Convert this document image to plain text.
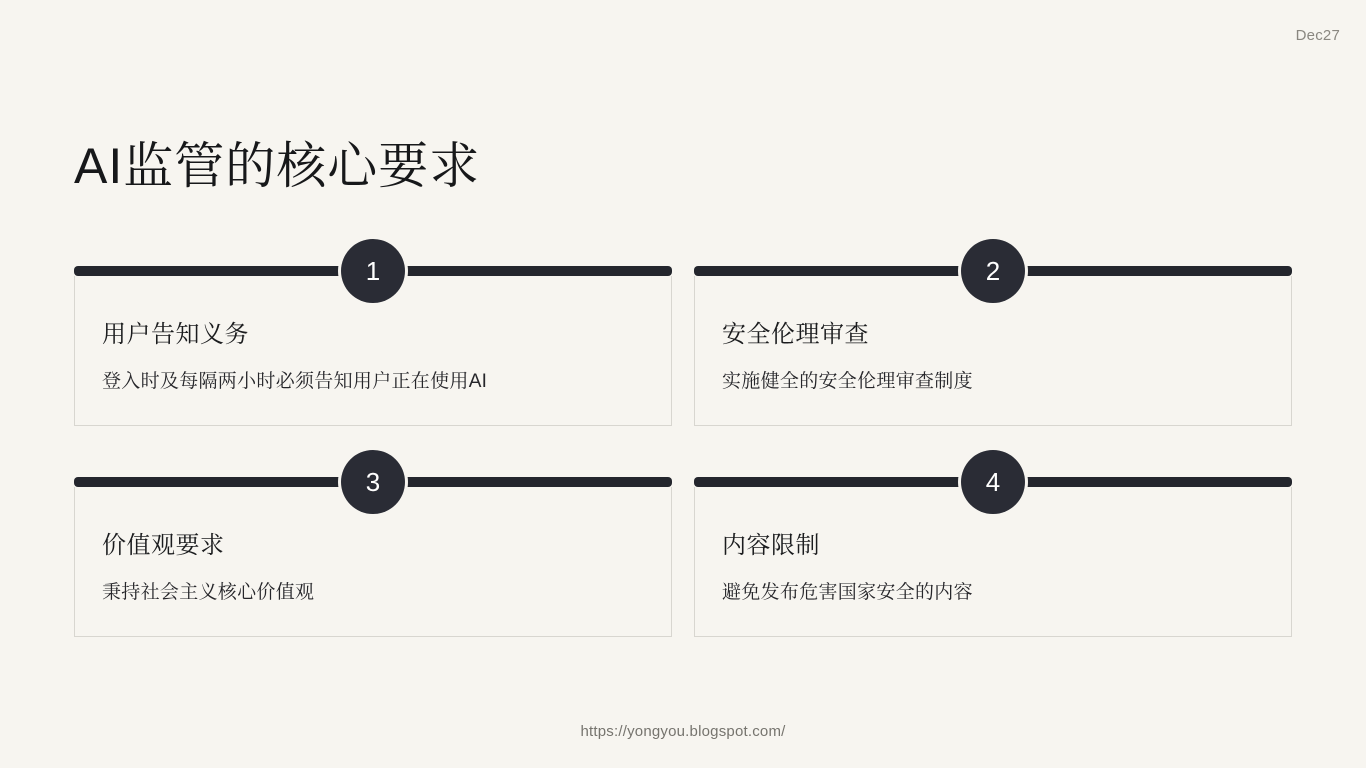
Dec27
AI监管的核心要求
1
用户告知义务
登入时及每隔两小时必须告知用户正在使用AI
2
安全伦理审查
实施健全的安全伦理审查制度
3
价值观要求
秉持社会主义核心价值观
4
内容限制
避免发布危害国家安全的内容
https://yongyou.blogspot.com/
